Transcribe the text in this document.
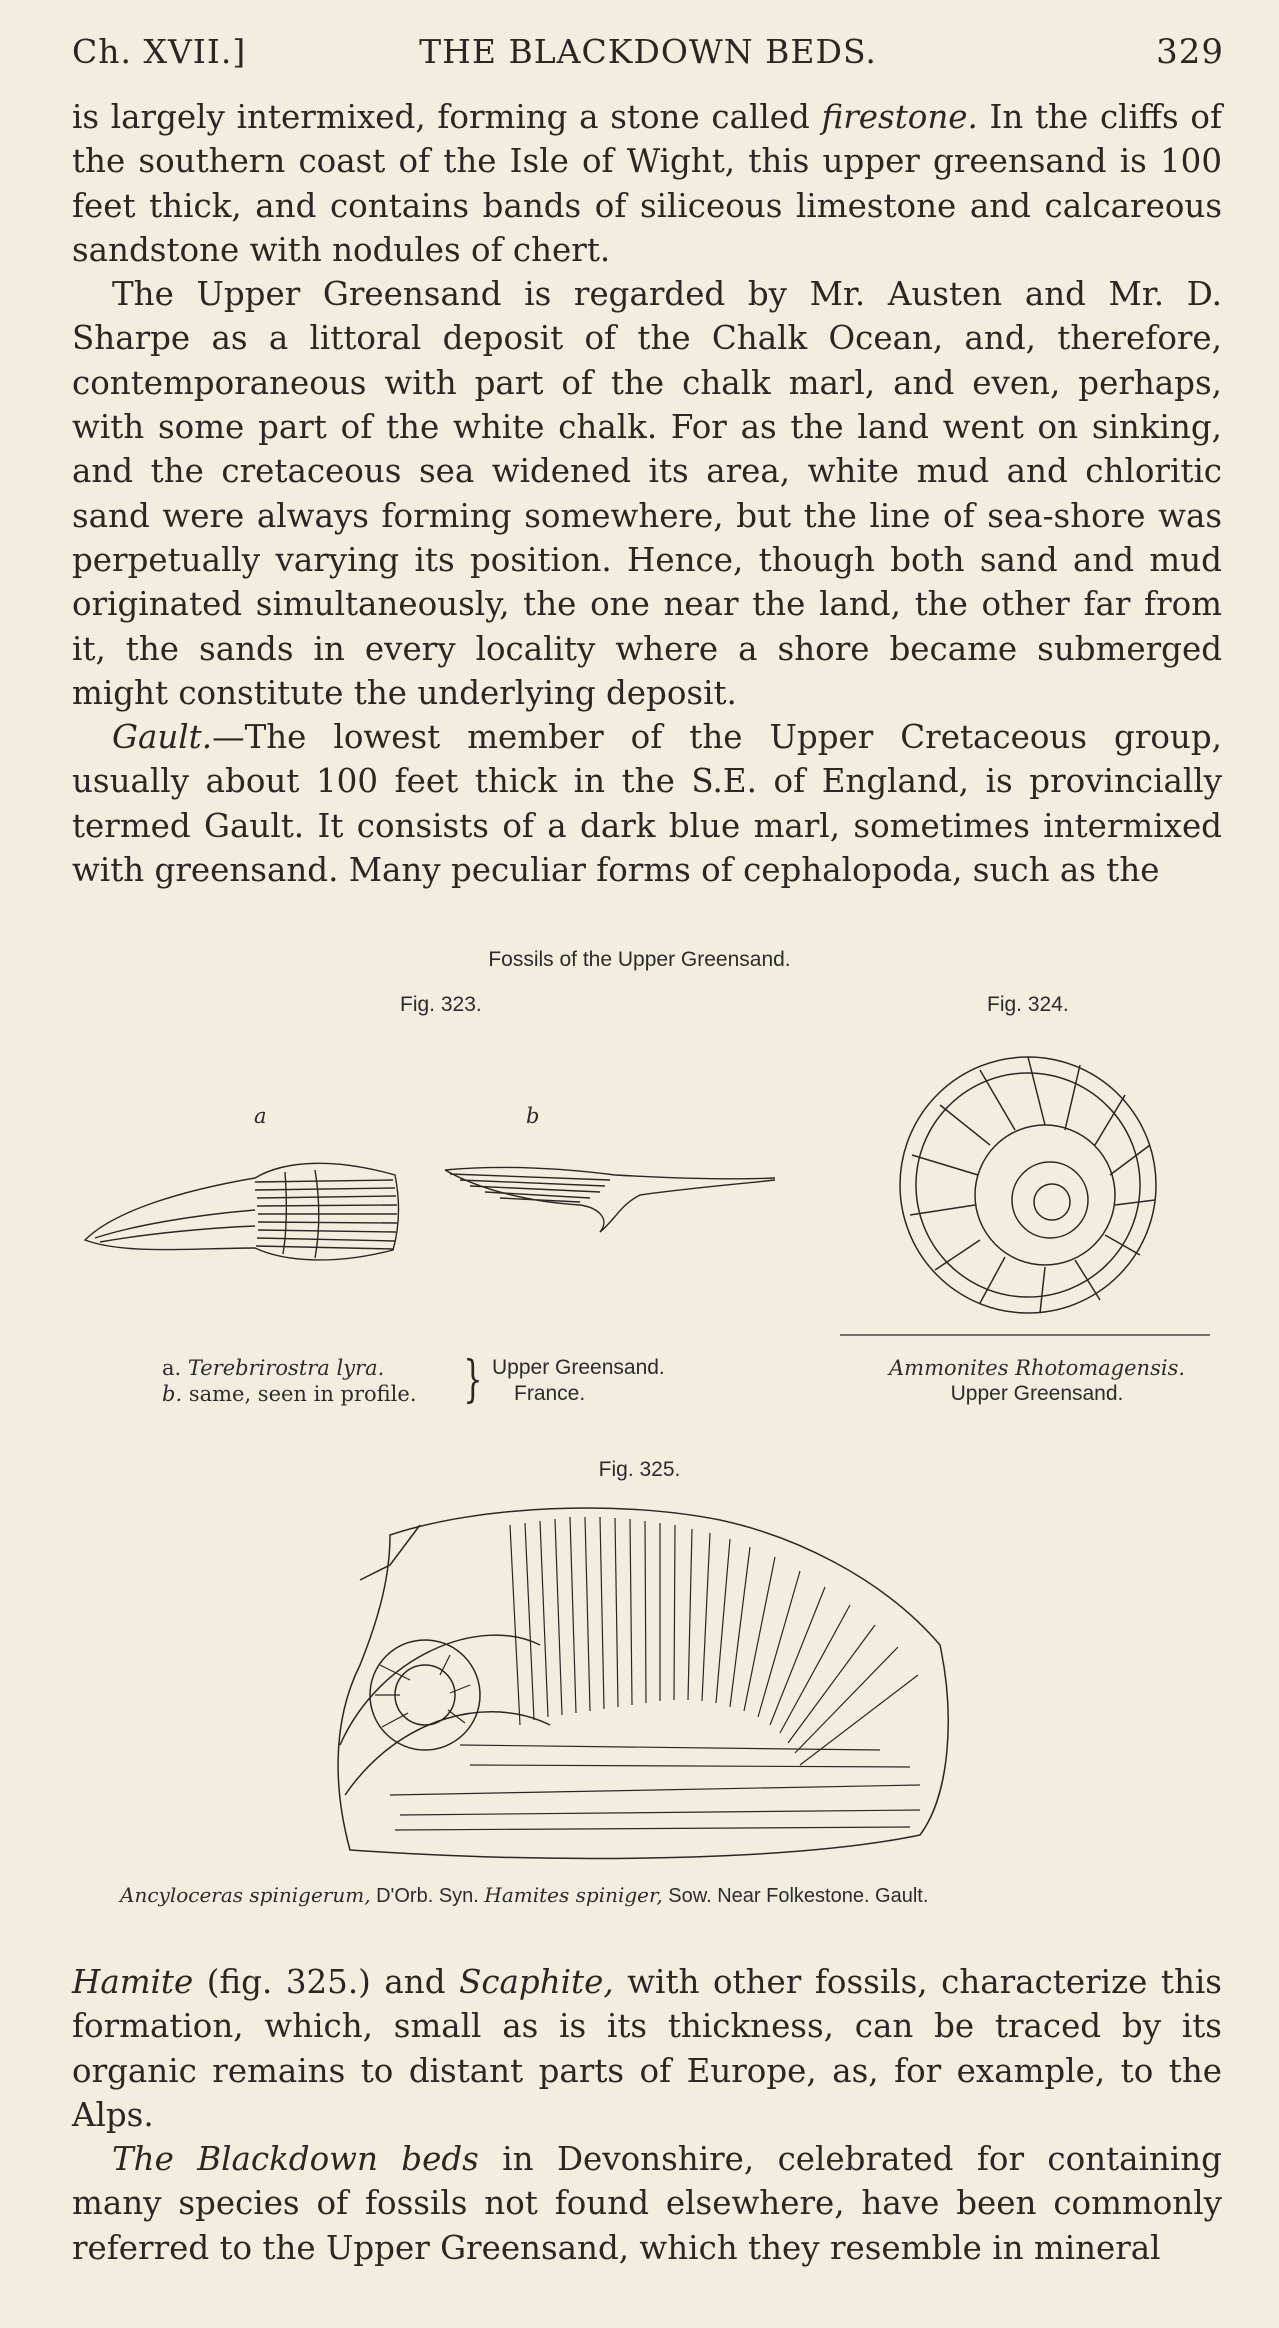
Ch. XVII.]	THE BLACKDOWN BEDS.	329

is largely intermixed, forming a stone called firestone. In the cliffs of the southern coast of the Isle of Wight, this upper greensand is 100 feet thick, and contains bands of siliceous limestone and calcareous sandstone with nodules of chert.

The Upper Greensand is regarded by Mr. Austen and Mr. D. Sharpe as a littoral deposit of the Chalk Ocean, and, therefore, contemporaneous with part of the chalk marl, and even, perhaps, with some part of the white chalk. For as the land went on sinking, and the cretaceous sea widened its area, white mud and chloritic sand were always forming somewhere, but the line of sea-shore was perpetually varying its position. Hence, though both sand and mud originated simultaneously, the one near the land, the other far from it, the sands in every locality where a shore became submerged might constitute the underlying deposit.

Gault.—The lowest member of the Upper Cretaceous group, usually about 100 feet thick in the S.E. of England, is provincially termed Gault. It consists of a dark blue marl, sometimes intermixed with greensand. Many peculiar forms of cephalopoda, such as the

Fossils of the Upper Greensand.
Fig. 323.	Fig. 324.
a	b
a. Terebrirostra lyra.
b. same, seen in profile. } Upper Greensand.
France.
Ammonites Rhotomagensis.
Upper Greensand.
Fig. 325.
Ancyloceras spinigerum, D'Orb. Syn. Hamites spiniger, Sow. Near Folkestone. Gault.

Hamite (fig. 325.) and Scaphite, with other fossils, characterize this formation, which, small as is its thickness, can be traced by its organic remains to distant parts of Europe, as, for example, to the Alps.

The Blackdown beds in Devonshire, celebrated for containing many species of fossils not found elsewhere, have been commonly referred to the Upper Greensand, which they resemble in mineral
